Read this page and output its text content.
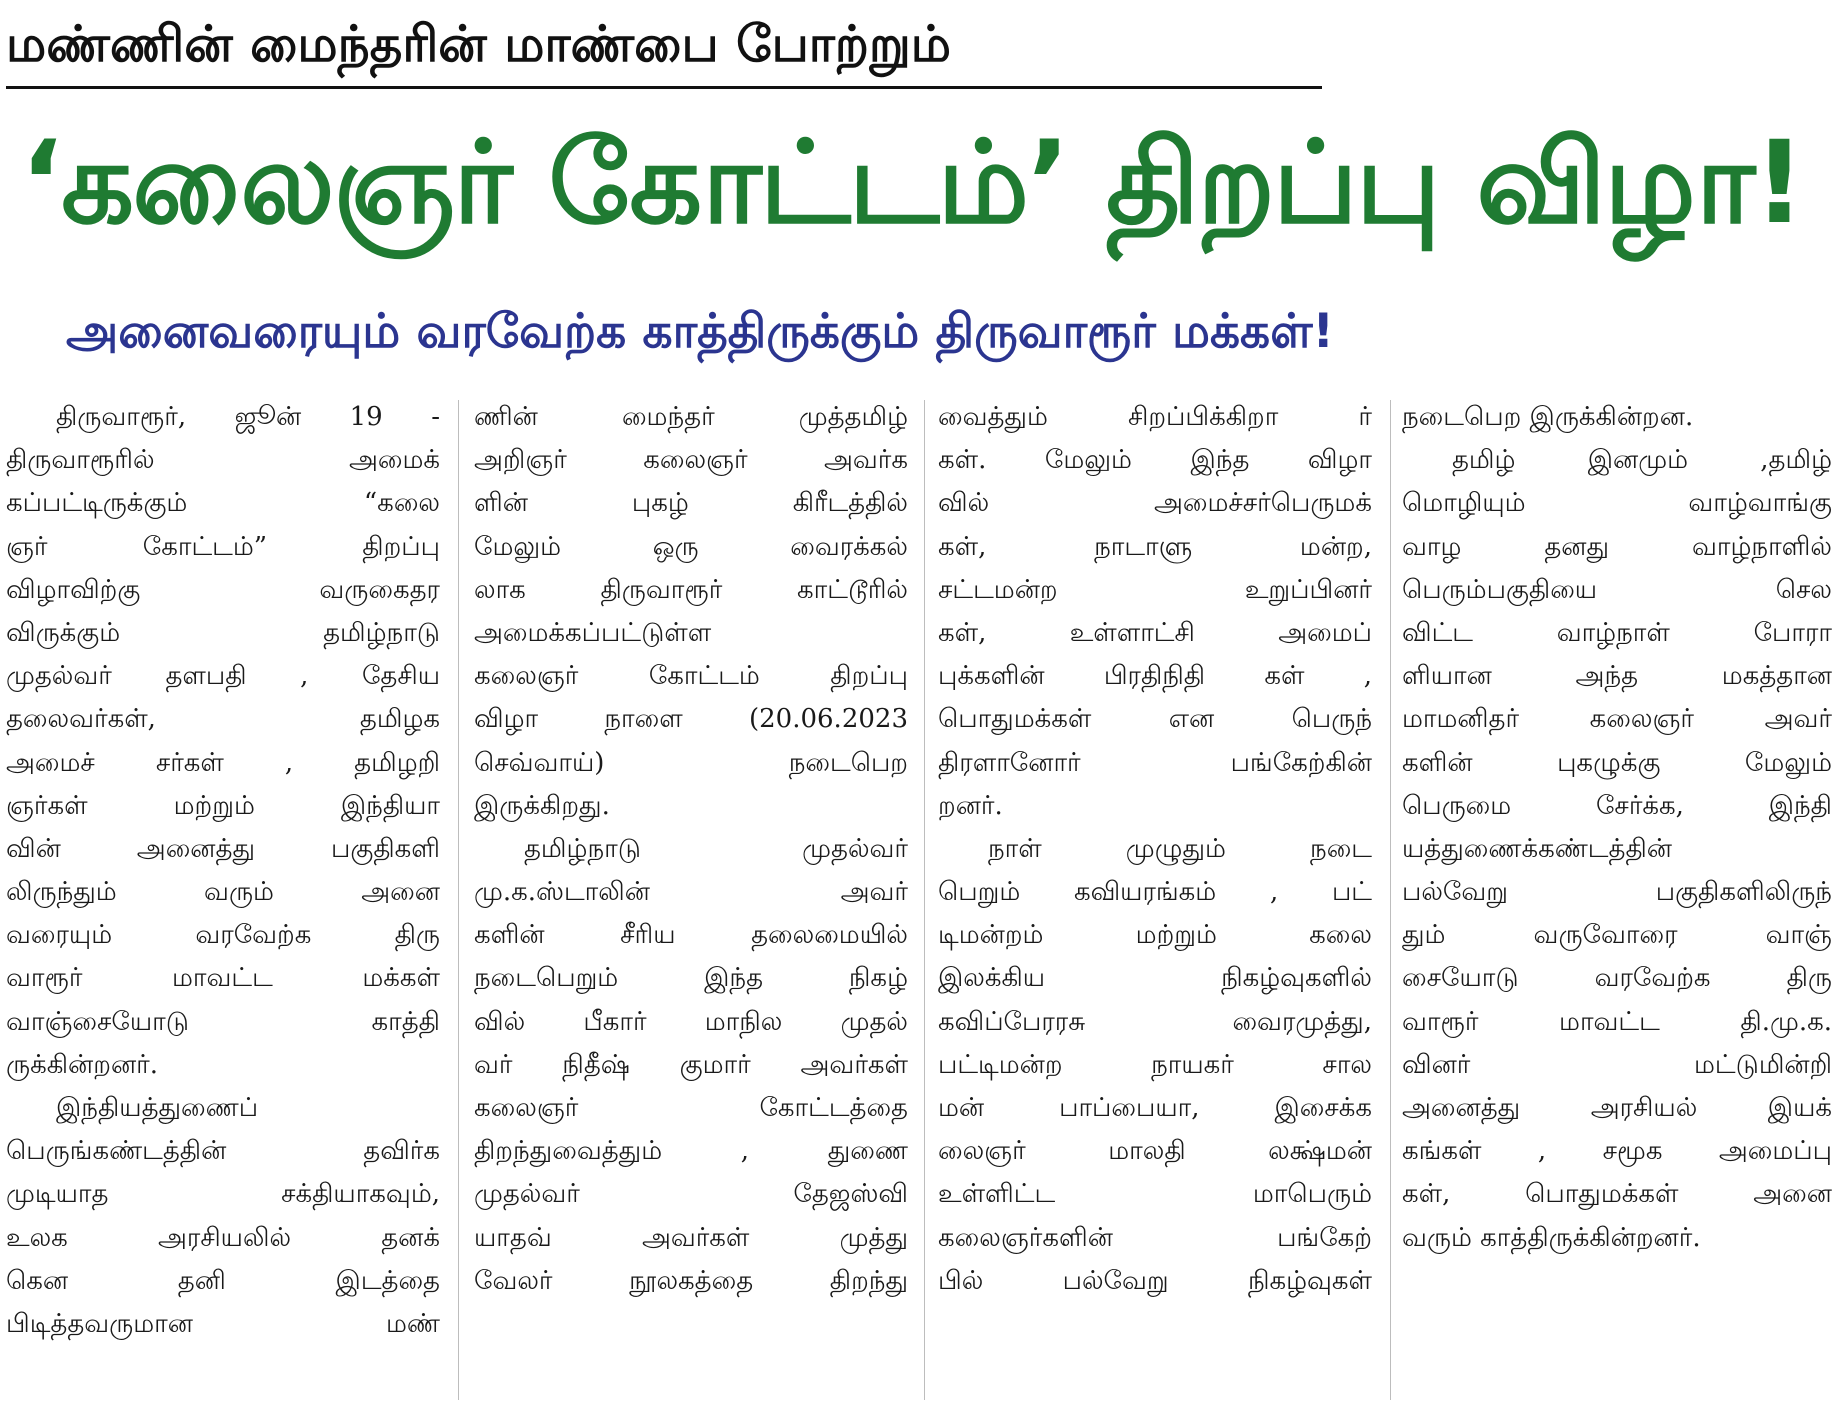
மண்ணின் மைந்தரின் மாண்பை போற்றும்
‘கலைஞர் கோட்டம்’ திறப்பு விழா!
அனைவரையும் வரவேற்க காத்திருக்கும் திருவாரூர் மக்கள்!
திருவாரூர், ஜூன் 19 -
திருவாரூரில் அமைக்
கப்பட்டிருக்கும் “கலை
ஞர் கோட்டம்” திறப்பு
விழாவிற்கு வருகைதர
விருக்கும் தமிழ்நாடு
முதல்வர் தளபதி , தேசிய
தலைவர்கள், தமிழக
அமைச் சர்கள் , தமிழறி
ஞர்கள் மற்றும் இந்தியா
வின் அனைத்து பகுதிகளி
லிருந்தும் வரும் அனை
வரையும் வரவேற்க திரு
வாரூர் மாவட்ட மக்கள்
வாஞ்சையோடு காத்தி
ருக்கின்றனர்.
இந்தியத்துணைப்
பெருங்கண்டத்தின் தவிர்க
முடியாத சக்தியாகவும்,
உலக அரசியலில் தனக்
கென தனி இடத்தை
பிடித்தவருமான மண்
ணின் மைந்தர் முத்தமிழ்
அறிஞர் கலைஞர் அவர்க
ளின் புகழ் கிரீடத்தில்
மேலும் ஒரு வைரக்கல்
லாக திருவாரூர் காட்டூரில்
அமைக்கப்பட்டுள்ள
கலைஞர் கோட்டம் திறப்பு
விழா நாளை (20.06.2023
செவ்வாய்) நடைபெற
இருக்கிறது.
தமிழ்நாடு முதல்வர்
மு.க.ஸ்டாலின் அவர்
களின் சீரிய தலைமையில்
நடைபெறும் இந்த நிகழ்
வில் பீகார் மாநில முதல்
வர் நிதீஷ் குமார் அவர்கள்
கலைஞர் கோட்டத்தை
திறந்துவைத்தும் , துணை
முதல்வர் தேஜஸ்வி
யாதவ் அவர்கள் முத்து
வேலர் நூலகத்தை திறந்து
வைத்தும் சிறப்பிக்கிறா ர்
கள். மேலும் இந்த விழா
வில் அமைச்சர்பெருமக்
கள், நாடாளு மன்ற,
சட்டமன்ற உறுப்பினர்
கள், உள்ளாட்சி அமைப்
புக்களின் பிரதிநிதி கள் ,
பொதுமக்கள் என பெருந்
திரளானோர் பங்கேற்கின்
றனர்.
நாள் முழுதும் நடை
பெறும் கவியரங்கம் , பட்
டிமன்றம் மற்றும் கலை
இலக்கிய நிகழ்வுகளில்
கவிப்பேரரசு வைரமுத்து,
பட்டிமன்ற நாயகர் சால
மன் பாப்பையா, இசைக்க
லைஞர் மாலதி லக்ஷ்மன்
உள்ளிட்ட மாபெரும்
கலைஞர்களின் பங்கேற்
பில் பல்வேறு நிகழ்வுகள்
நடைபெற இருக்கின்றன.
தமிழ் இனமும் ,தமிழ்
மொழியும் வாழ்வாங்கு
வாழ தனது வாழ்நாளில்
பெரும்பகுதியை செல
விட்ட வாழ்நாள் போரா
ளியான அந்த மகத்தான
மாமனிதர் கலைஞர் அவர்
களின் புகழுக்கு மேலும்
பெருமை சேர்க்க, இந்தி
யத்துணைக்கண்டத்தின்
பல்வேறு பகுதிகளிலிருந்
தும் வருவோரை வாஞ்
சையோடு வரவேற்க திரு
வாரூர் மாவட்ட தி.மு.க.
வினர் மட்டுமின்றி
அனைத்து அரசியல் இயக்
கங்கள் , சமூக அமைப்பு
கள், பொதுமக்கள் அனை
வரும் காத்திருக்கின்றனர்.
